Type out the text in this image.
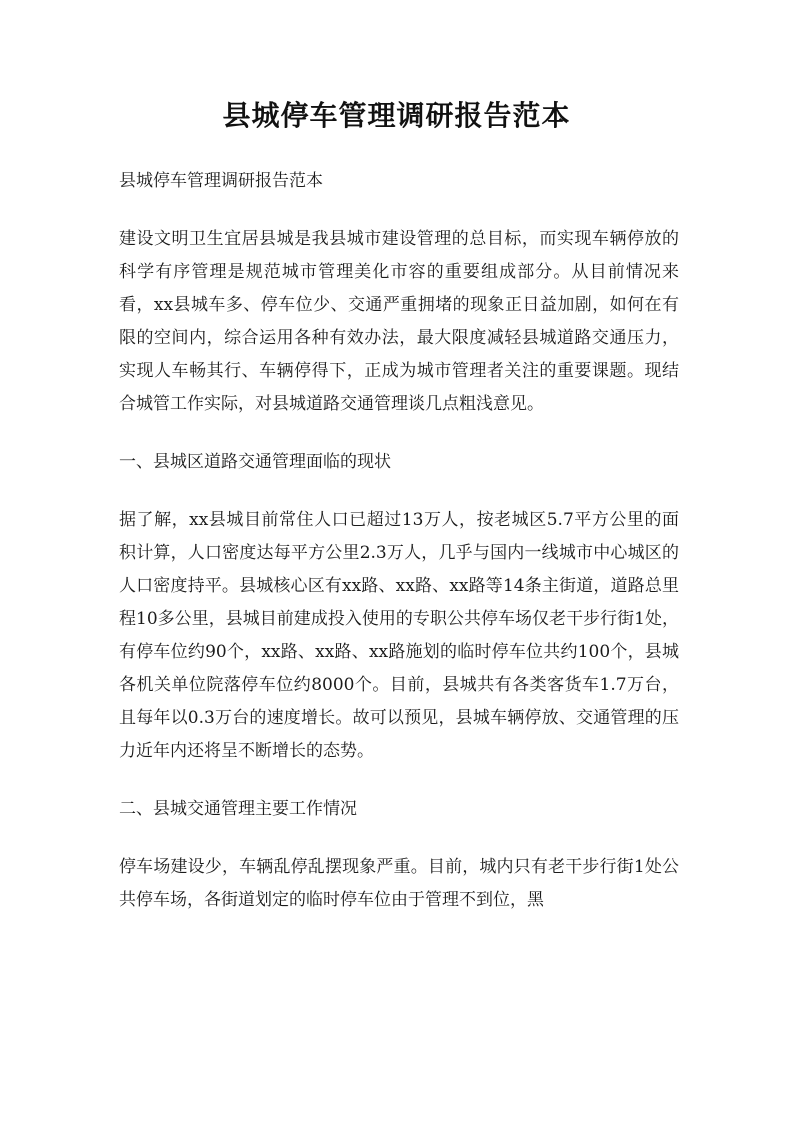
县城停车管理调研报告范本

县城停车管理调研报告范本

建设文明卫生宜居县城是我县城市建设管理的总目标，而实现车辆停放的科学有序管理是规范城市管理美化市容的重要组成部分。从目前情况来看，xx县城车多、停车位少、交通严重拥堵的现象正日益加剧，如何在有限的空间内，综合运用各种有效办法，最大限度减轻县城道路交通压力，实现人车畅其行、车辆停得下，正成为城市管理者关注的重要课题。现结合城管工作实际，对县城道路交通管理谈几点粗浅意见。

一、县城区道路交通管理面临的现状

据了解，xx县城目前常住人口已超过13万人，按老城区5.7平方公里的面积计算，人口密度达每平方公里2.3万人，几乎与国内一线城市中心城区的人口密度持平。县城核心区有xx路、xx路、xx路等14条主街道，道路总里程10多公里，县城目前建成投入使用的专职公共停车场仅老干步行街1处，有停车位约90个，xx路、xx路、xx路施划的临时停车位共约100个，县城各机关单位院落停车位约8000个。目前，县城共有各类客货车1.7万台，且每年以0.3万台的速度增长。故可以预见，县城车辆停放、交通管理的压力近年内还将呈不断增长的态势。

二、县城交通管理主要工作情况

停车场建设少，车辆乱停乱摆现象严重。目前，城内只有老干步行街1处公共停车场，各街道划定的临时停车位由于管理不到位，黑
